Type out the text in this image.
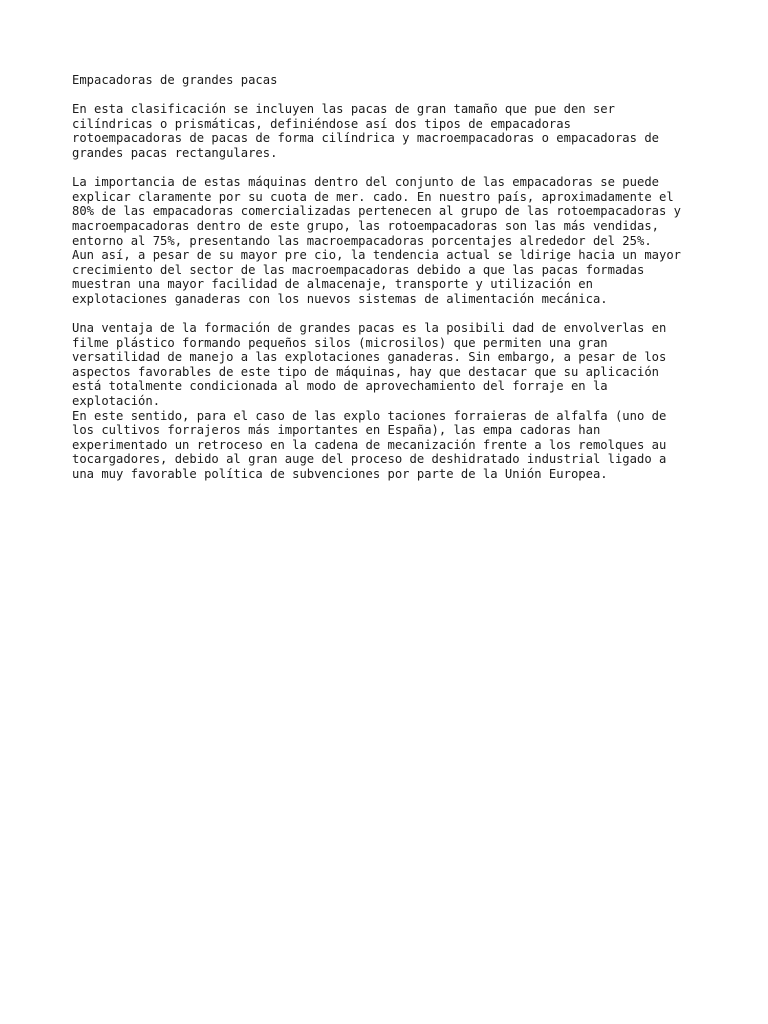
Empacadoras de grandes pacas
En esta clasificación se incluyen las pacas de gran tamaño que pue den ser
cilíndricas o prismáticas, definiéndose así dos tipos de empacadoras
rotoempacadoras de pacas de forma cilíndrica y macroempacadoras o empacadoras de
grandes pacas rectangulares.
La importancia de estas máquinas dentro del conjunto de las empacadoras se puede
explicar claramente por su cuota de mer. cado. En nuestro país, aproximadamente el
80% de las empacadoras comercializadas pertenecen al grupo de las rotoempacadoras y
macroempacadoras dentro de este grupo, las rotoempacadoras son las más vendidas,
entorno al 75%, presentando las macroempacadoras porcentajes alrededor del 25%.
Aun así, a pesar de su mayor pre cio, la tendencia actual se ldirige hacia un mayor
crecimiento del sector de las macroempacadoras debido a que las pacas formadas
muestran una mayor facilidad de almacenaje, transporte y utilización en
explotaciones ganaderas con los nuevos sistemas de alimentación mecánica.
Una ventaja de la formación de grandes pacas es la posibili dad de envolverlas en
filme plástico formando pequeños silos (microsilos) que permiten una gran
versatilidad de manejo a las explotaciones ganaderas. Sin embargo, a pesar de los
aspectos favorables de este tipo de máquinas, hay que destacar que su aplicación
está totalmente condicionada al modo de aprovechamiento del forraje en la
explotación.
En este sentido, para el caso de las explo taciones forraieras de alfalfa (uno de
los cultivos forrajeros más importantes en España), las empa cadoras han
experimentado un retroceso en la cadena de mecanización frente a los remolques au
tocargadores, debido al gran auge del proceso de deshidratado industrial ligado a
una muy favorable política de subvenciones por parte de la Unión Europea.
